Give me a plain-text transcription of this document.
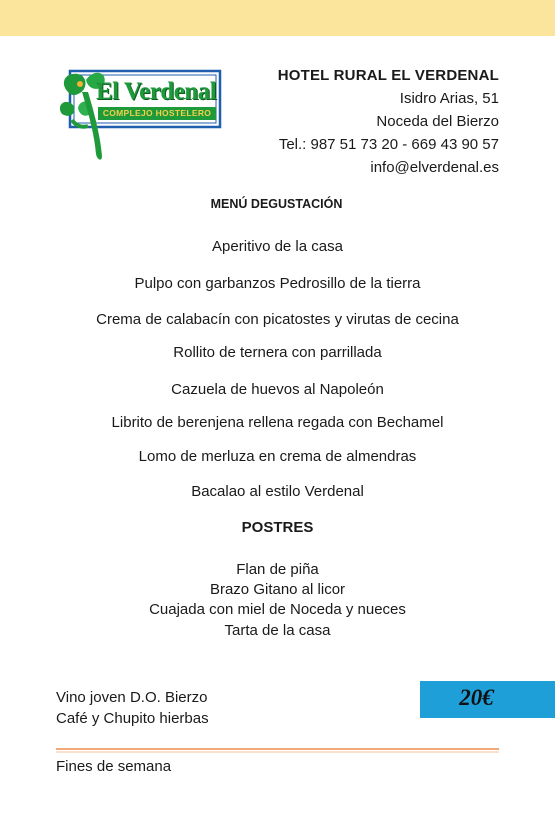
El Verdenal
COMPLEJO HOSTELERO
HOTEL RURAL EL VERDENAL
Isidro Arias, 51
Noceda del Bierzo
Tel.: 987 51 73 20 - 669 43 90 57
info@elverdenal.es
MENÚ DEGUSTACIÓN
Aperitivo de la casa
Pulpo con garbanzos Pedrosillo de la tierra
Crema de calabacín con picatostes y virutas de cecina
Rollito de ternera con parrillada
Cazuela de huevos al Napoleón
Librito de berenjena rellena regada con Bechamel
Lomo de merluza en crema de almendras
Bacalao al estilo Verdenal
POSTRES
Flan de piña
Brazo Gitano al licor
Cuajada con miel de Noceda y nueces
Tarta de la casa
Vino joven D.O. Bierzo
Café y Chupito hierbas
20€
Fines de semana
